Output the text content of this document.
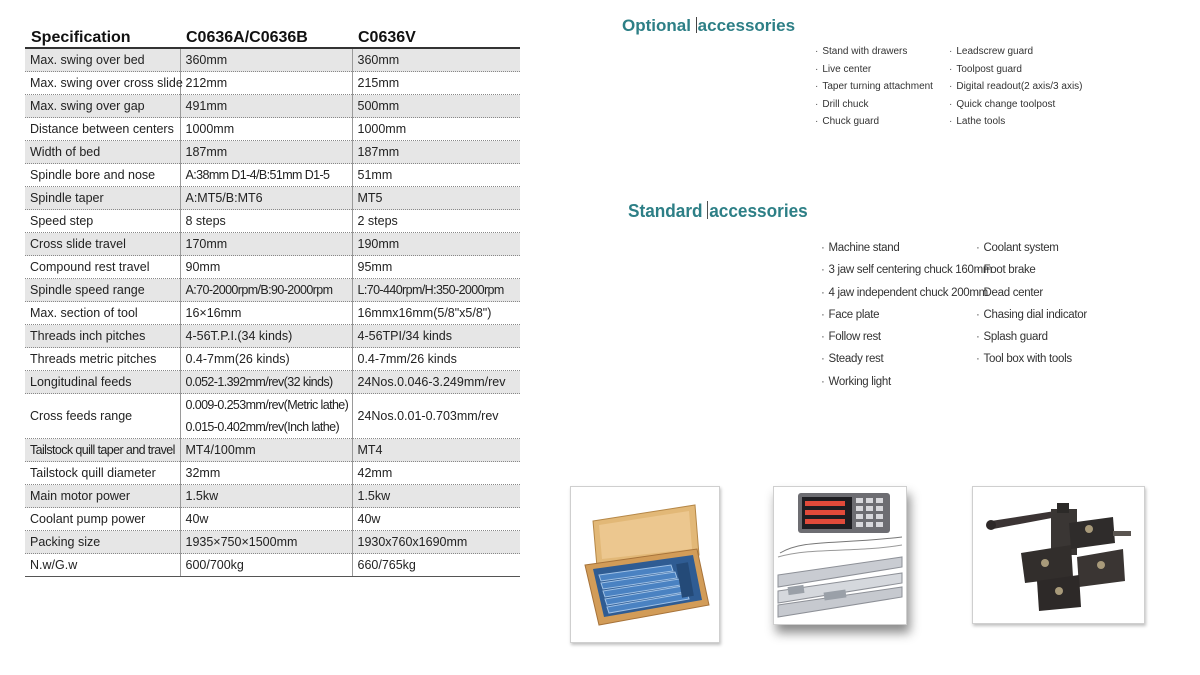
Specification	C0636A/C0636B	C0636V
Max. swing over bed	360mm	360mm
Max. swing over cross slide	212mm	215mm
Max. swing over gap	491mm	500mm
Distance between centers	1000mm	1000mm
Width of bed	187mm	187mm
Spindle bore and nose	A:38mm D1-4/B:51mm D1-5	51mm
Spindle taper	A:MT5/B:MT6	MT5
Speed step	8 steps	2 steps
Cross slide travel	170mm	190mm
Compound rest travel	90mm	95mm
Spindle speed range	A:70-2000rpm/B:90-2000rpm	L:70-440rpm/H:350-2000rpm
Max. section of tool	16×16mm	16mmx16mm(5/8"x5/8")
Threads inch pitches	4-56T.P.I.(34 kinds)	4-56TPI/34 kinds
Threads metric pitches	0.4-7mm(26 kinds)	0.4-7mm/26 kinds
Longitudinal feeds	0.052-1.392mm/rev(32 kinds)	24Nos.0.046-3.249mm/rev
Cross feeds range	0.009-0.253mm/rev(Metric lathe)
0.015-0.402mm/rev(Inch lathe)	24Nos.0.01-0.703mm/rev
Tailstock quill taper and travel	MT4/100mm	MT4
Tailstock quill diameter	32mm	42mm
Main motor power	1.5kw	1.5kw
Coolant pump power	40w	40w
Packing size	1935×750×1500mm	1930x760x1690mm
N.w/G.w	600/700kg	660/765kg
Optional accessories
· Stand with drawers
· Live center
· Taper turning attachment
· Drill chuck
· Chuck guard
· Leadscrew guard
· Toolpost guard
· Digital readout(2 axis/3 axis)
· Quick change toolpost
· Lathe tools
Standard accessories
· Machine stand
· 3 jaw self centering chuck 160mm
· 4 jaw independent chuck 200mm
· Face plate
· Follow rest
· Steady rest
· Working light
· Coolant system
· Foot brake
· Dead center
· Chasing dial indicator
· Splash guard
· Tool box with tools
